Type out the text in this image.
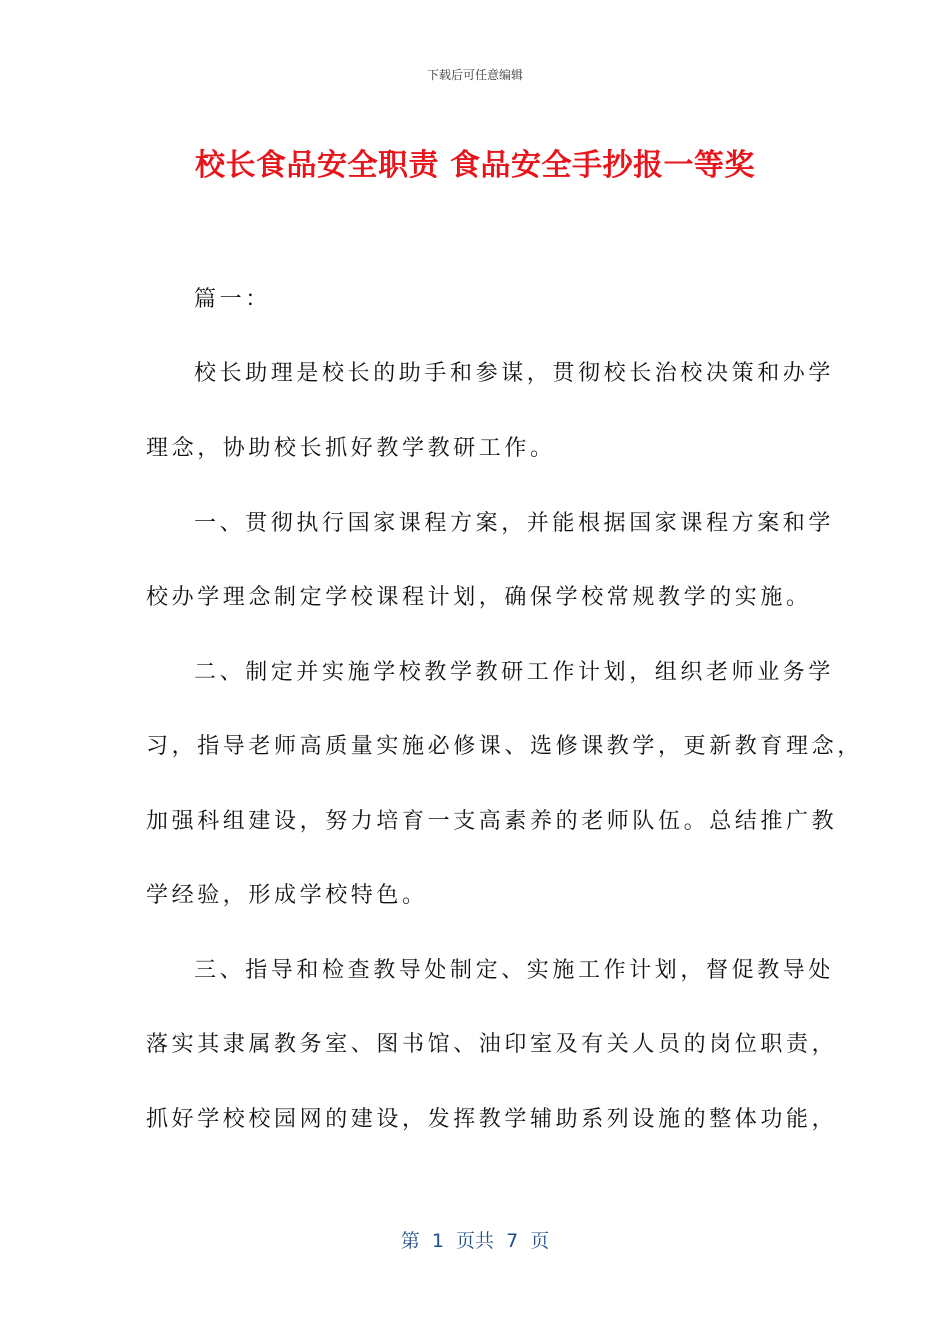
下载后可任意编辑
校长食品安全职责 食品安全手抄报一等奖
篇一：
校长助理是校长的助手和参谋，贯彻校长治校决策和办学
理念，协助校长抓好教学教研工作。
一、贯彻执行国家课程方案，并能根据国家课程方案和学
校办学理念制定学校课程计划，确保学校常规教学的实施。
二、制定并实施学校教学教研工作计划，组织老师业务学
习，指导老师高质量实施必修课、选修课教学，更新教育理念，
加强科组建设，努力培育一支高素养的老师队伍。总结推广教
学经验，形成学校特色。
三、指导和检查教导处制定、实施工作计划，督促教导处
落实其隶属教务室、图书馆、油印室及有关人员的岗位职责，
抓好学校校园网的建设，发挥教学辅助系列设施的整体功能，
第  1  页共  7  页
